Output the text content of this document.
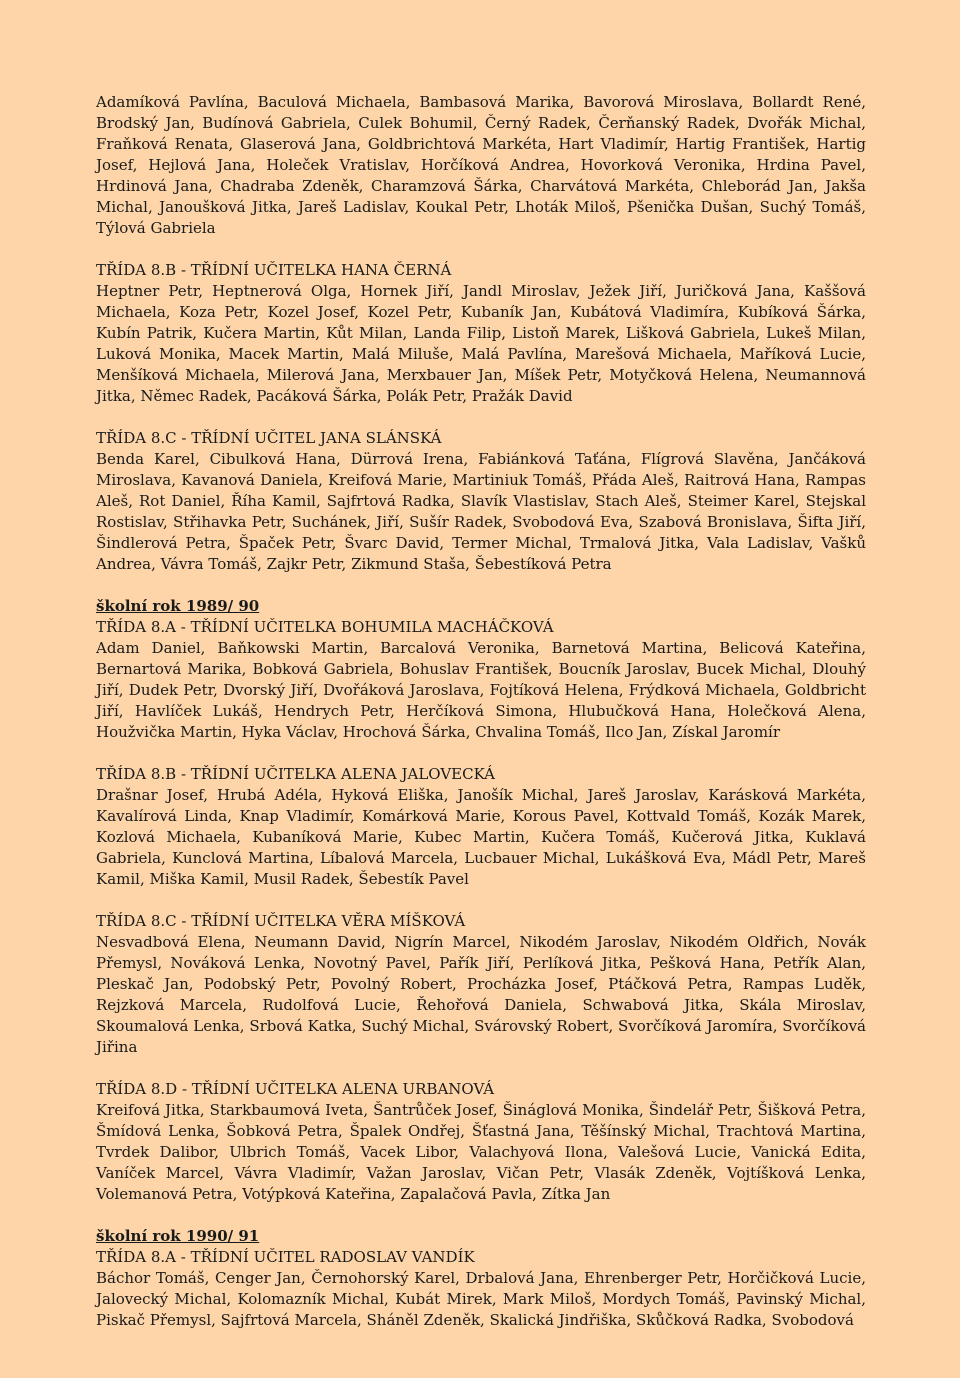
Adamíková Pavlína, Baculová Michaela, Bambasová Marika, Bavorová Miroslava, Bollardt René, Brodský Jan, Budínová Gabriela, Culek Bohumil, Černý Radek, Čerňanský Radek, Dvořák Michal, Fraňková Renata, Glaserová Jana, Goldbrichtová Markéta, Hart Vladimír, Hartig František, Hartig Josef, Hejlová Jana, Holeček Vratislav, Horčíková Andrea, Hovorková Veronika, Hrdina Pavel, Hrdinová Jana, Chadraba Zdeněk, Charamzová Šárka, Charvátová Markéta, Chleborád Jan, Jakša Michal, Janoušková Jitka, Jareš Ladislav, Koukal Petr, Lhoták Miloš, Pšenička Dušan, Suchý Tomáš, Týlová Gabriela

TŘÍDA 8.B - TŘÍDNÍ UČITELKA HANA ČERNÁ

Heptner Petr, Heptnerová Olga, Hornek Jiří, Jandl Miroslav, Ježek Jiří, Juričková Jana, Kaššová Michaela, Koza Petr, Kozel Josef, Kozel Petr, Kubaník Jan, Kubátová Vladimíra, Kubíková Šárka, Kubín Patrik, Kučera Martin, Kůt Milan, Landa Filip, Listoň Marek, Lišková Gabriela, Lukeš Milan, Luková Monika, Macek Martin, Malá Miluše, Malá Pavlína, Marešová Michaela, Maříková Lucie, Menšíková Michaela, Milerová Jana, Merxbauer Jan, Míšek Petr, Motyčková Helena, Neumannová Jitka, Němec Radek, Pacáková Šárka, Polák Petr, Pražák David

TŘÍDA 8.C - TŘÍDNÍ UČITEL JANA SLÁNSKÁ

Benda Karel, Cibulková Hana, Dürrová Irena, Fabiánková Taťána, Flígrová Slavěna, Jančáková Miroslava, Kavanová Daniela, Kreifová Marie, Martiniuk Tomáš, Přáda Aleš, Raitrová Hana, Rampas Aleš, Rot Daniel, Říha Kamil, Sajfrtová Radka, Slavík Vlastislav, Stach Aleš, Steimer Karel, Stejskal Rostislav, Střihavka Petr, Suchánek, Jiří, Sušír Radek, Svobodová Eva, Szabová Bronislava, Šifta Jiří, Šindlerová Petra, Špaček Petr, Švarc David, Termer Michal, Trmalová Jitka, Vala Ladislav, Vašků Andrea, Vávra Tomáš, Zajkr Petr, Zikmund Staša, Šebestíková Petra

školní rok 1989/ 90

TŘÍDA 8.A - TŘÍDNÍ UČITELKA BOHUMILA MACHÁČKOVÁ

Adam Daniel, Baňkowski Martin, Barcalová Veronika, Barnetová Martina, Belicová Kateřina, Bernartová Marika, Bobková Gabriela, Bohuslav František, Boucník Jaroslav, Bucek Michal, Dlouhý Jiří, Dudek Petr, Dvorský Jiří, Dvořáková Jaroslava, Fojtíková Helena, Frýdková Michaela, Goldbricht Jiří, Havlíček Lukáš, Hendrych Petr, Herčíková Simona, Hlubučková Hana, Holečková Alena, Houžvička Martin, Hyka Václav, Hrochová Šárka, Chvalina Tomáš, Ilco Jan, Získal Jaromír

TŘÍDA 8.B - TŘÍDNÍ UČITELKA ALENA JALOVECKÁ

Drašnar Josef, Hrubá Adéla, Hyková Eliška, Janošík Michal, Jareš Jaroslav, Karásková Markéta, Kavalírová Linda, Knap Vladimír, Komárková Marie, Korous Pavel, Kottvald Tomáš, Kozák Marek, Kozlová Michaela, Kubaníková Marie, Kubec Martin, Kučera Tomáš, Kučerová Jitka, Kuklavá Gabriela, Kunclová Martina, Líbalová Marcela, Lucbauer Michal, Lukášková Eva, Mádl Petr, Mareš Kamil, Miška Kamil, Musil Radek, Šebestík Pavel

TŘÍDA 8.C - TŘÍDNÍ UČITELKA VĚRA MÍŠKOVÁ

Nesvadbová Elena, Neumann David, Nigrín Marcel, Nikodém Jaroslav, Nikodém Oldřich, Novák Přemysl, Nováková Lenka, Novotný Pavel, Pařík Jiří, Perlíková Jitka, Pešková Hana, Petřík Alan, Pleskač Jan, Podobský Petr, Povolný Robert, Procházka Josef, Ptáčková Petra, Rampas Luděk, Rejzková Marcela, Rudolfová Lucie, Řehořová Daniela, Schwabová Jitka, Skála Miroslav, Skoumalová Lenka, Srbová Katka, Suchý Michal, Svárovský Robert, Svorčíková Jaromíra, Svorčíková Jiřina

TŘÍDA 8.D - TŘÍDNÍ UČITELKA ALENA URBANOVÁ

Kreifová Jitka, Starkbaumová Iveta, Šantrůček Josef, Šináglová Monika, Šindelář Petr, Šišková Petra, Šmídová Lenka, Šobková Petra, Špalek Ondřej, Šťastná Jana, Těšínský Michal, Trachtová Martina, Tvrdek Dalibor, Ulbrich Tomáš, Vacek Libor, Valachyová Ilona, Valešová Lucie, Vanická Edita, Vaníček Marcel, Vávra Vladimír, Važan Jaroslav, Vičan Petr, Vlasák Zdeněk, Vojtíšková Lenka, Volemanová Petra, Votýpková Kateřina, Zapalačová Pavla, Zítka Jan

školní rok 1990/ 91

TŘÍDA 8.A - TŘÍDNÍ UČITEL RADOSLAV VANDÍK

Báchor Tomáš, Cenger Jan, Černohorský Karel, Drbalová Jana, Ehrenberger Petr, Horčičková Lucie, Jalovecký Michal, Kolomazník Michal, Kubát Mirek, Mark Miloš, Mordych Tomáš, Pavinský Michal, Piskač Přemysl, Sajfrtová Marcela, Sháněl Zdeněk, Skalická Jindřiška, Skůčková Radka, Svobodová
